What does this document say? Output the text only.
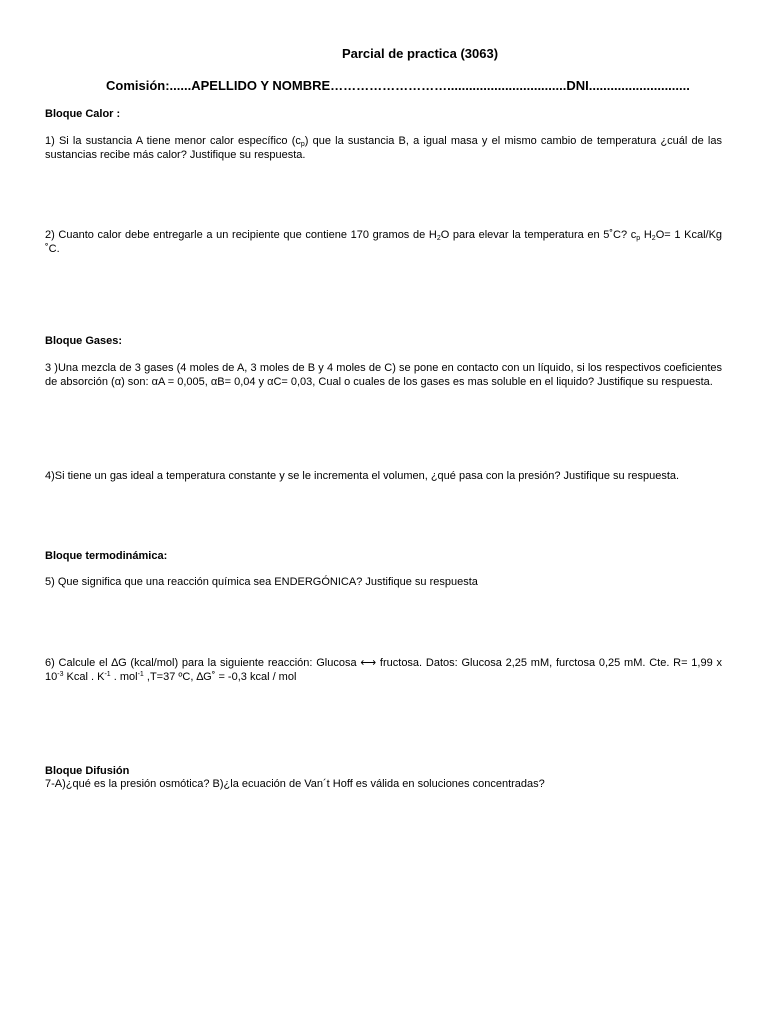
Parcial de practica (3063)
Comisión:......APELLIDO Y NOMBRE……………………….................................DNI............................
Bloque Calor :
1) Si la sustancia A tiene menor calor específico $(c_p)$ que la sustancia B, a igual masa y el mismo cambio de temperatura ¿cuál de las sustancias recibe más calor? Justifique su respuesta.
2) Cuanto calor debe entregarle a un recipiente que contiene 170 gramos de $H_2O$ para elevar la temperatura en 5˚C? $c_p$ $H_2O= 1$ Kcal/Kg ˚C.
Bloque Gases:
3 )Una mezcla de 3 gases (4 moles de A, 3 moles de B y 4 moles de C) se pone en contacto con un líquido, si los respectivos coeficientes de absorción (α) son: αA = 0,005, αB= 0,04 y αC= 0,03, Cual o cuales de los gases es mas soluble en el liquido? Justifique su respuesta.
4)Si tiene un gas ideal a temperatura constante y se le incrementa el volumen, ¿qué pasa con la presión? Justifique su respuesta.
Bloque termodinámica:
5) Que significa que una reacción química sea ENDERGÓNICA? Justifique su respuesta
6) Calcule el ∆G (kcal/mol) para la siguiente reacción: Glucosa ⟷ fructosa. Datos: Glucosa 2,25 mM, furctosa 0,25 mM. Cte. R= 1,99 x $10^{-3}$ Kcal . $K^{-1}$ . mol$^{-1}$ ,T=37 ºC, ∆G˚ = -0,3 kcal / mol
Bloque Difusión
7-A)¿qué es la presión osmótica? B)¿la ecuación de Van´t Hoff es válida en soluciones concentradas?
